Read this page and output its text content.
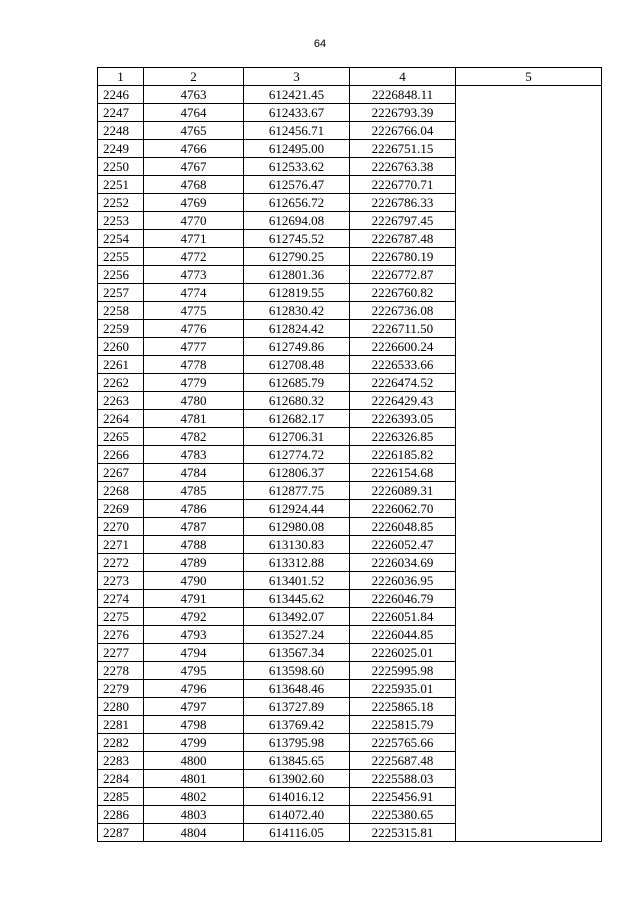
64
1	2	3	4	5
2246	4763	612421.45	2226848.11	
2247	4764	612433.67	2226793.39	
2248	4765	612456.71	2226766.04	
2249	4766	612495.00	2226751.15	
2250	4767	612533.62	2226763.38	
2251	4768	612576.47	2226770.71	
2252	4769	612656.72	2226786.33	
2253	4770	612694.08	2226797.45	
2254	4771	612745.52	2226787.48	
2255	4772	612790.25	2226780.19	
2256	4773	612801.36	2226772.87	
2257	4774	612819.55	2226760.82	
2258	4775	612830.42	2226736.08	
2259	4776	612824.42	2226711.50	
2260	4777	612749.86	2226600.24	
2261	4778	612708.48	2226533.66	
2262	4779	612685.79	2226474.52	
2263	4780	612680.32	2226429.43	
2264	4781	612682.17	2226393.05	
2265	4782	612706.31	2226326.85	
2266	4783	612774.72	2226185.82	
2267	4784	612806.37	2226154.68	
2268	4785	612877.75	2226089.31	
2269	4786	612924.44	2226062.70	
2270	4787	612980.08	2226048.85	
2271	4788	613130.83	2226052.47	
2272	4789	613312.88	2226034.69	
2273	4790	613401.52	2226036.95	
2274	4791	613445.62	2226046.79	
2275	4792	613492.07	2226051.84	
2276	4793	613527.24	2226044.85	
2277	4794	613567.34	2226025.01	
2278	4795	613598.60	2225995.98	
2279	4796	613648.46	2225935.01	
2280	4797	613727.89	2225865.18	
2281	4798	613769.42	2225815.79	
2282	4799	613795.98	2225765.66	
2283	4800	613845.65	2225687.48	
2284	4801	613902.60	2225588.03	
2285	4802	614016.12	2225456.91	
2286	4803	614072.40	2225380.65	
2287	4804	614116.05	2225315.81	
